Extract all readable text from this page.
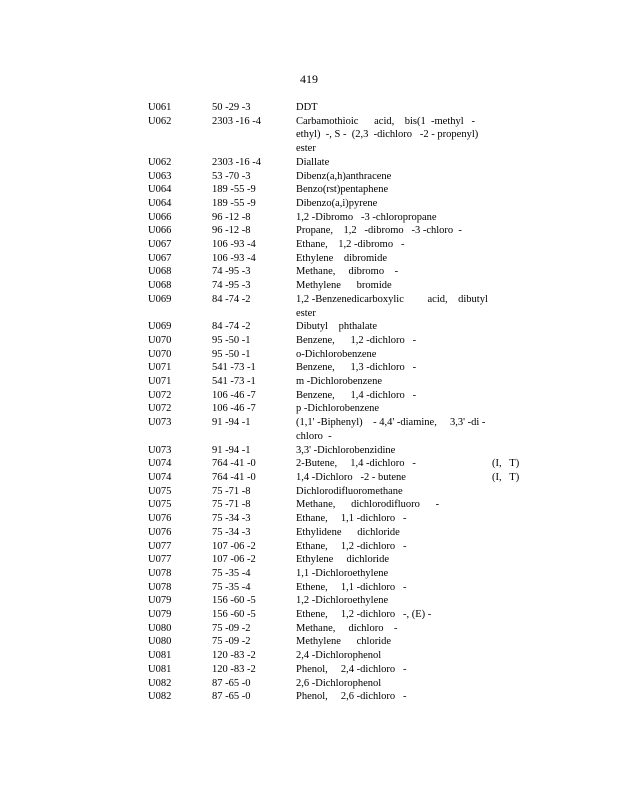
419
U061	50 -29 -3	DDT
U062	2303 -16 -4	Carbamothioic      acid,    bis(1  -methyl   -
ethyl)  -, S -  (2,3  -dichloro   -2 - propenyl)
ester
U062	2303 -16 -4	Diallate
U063	53 -70 -3	Dibenz(a,h)anthracene
U064	189 -55 -9	Benzo(rst)pentaphene
U064	189 -55 -9	Dibenzo(a,i)pyrene
U066	96 -12 -8	1,2 -Dibromo   -3 -chloropropane
U066	96 -12 -8	Propane,    1,2   -dibromo   -3 -chloro  -
U067	106 -93 -4	Ethane,    1,2 -dibromo   -
U067	106 -93 -4	Ethylene    dibromide
U068	74 -95 -3	Methane,     dibromo    -
U068	74 -95 -3	Methylene      bromide
U069	84 -74 -2	1,2 -Benzenedicarboxylic         acid,    dibutyl
ester
U069	84 -74 -2	Dibutyl    phthalate
U070	95 -50 -1	Benzene,      1,2 -dichloro   -
U070	95 -50 -1	o-Dichlorobenzene
U071	541 -73 -1	Benzene,      1,3 -dichloro   -
U071	541 -73 -1	m -Dichlorobenzene
U072	106 -46 -7	Benzene,      1,4 -dichloro   -
U072	106 -46 -7	p -Dichlorobenzene
U073	91 -94 -1	(1,1' -Biphenyl)    - 4,4' -diamine,     3,3' -di -
chloro  -
U073	91 -94 -1	3,3' -Dichlorobenzidine
U074	764 -41 -0	2-Butene,     1,4 -dichloro   -	(I,   T)
U074	764 -41 -0	1,4 -Dichloro   -2 - butene	(I,   T)
U075	75 -71 -8	Dichlorodifluoromethane
U075	75 -71 -8	Methane,      dichlorodifluoro      -
U076	75 -34 -3	Ethane,     1,1 -dichloro   -
U076	75 -34 -3	Ethylidene      dichloride
U077	107 -06 -2	Ethane,     1,2 -dichloro   -
U077	107 -06 -2	Ethylene     dichloride
U078	75 -35 -4	1,1 -Dichloroethylene
U078	75 -35 -4	Ethene,     1,1 -dichloro   -
U079	156 -60 -5	1,2 -Dichloroethylene
U079	156 -60 -5	Ethene,     1,2 -dichloro   -, (E) -
U080	75 -09 -2	Methane,     dichloro    -
U080	75 -09 -2	Methylene      chloride
U081	120 -83 -2	2,4 -Dichlorophenol
U081	120 -83 -2	Phenol,     2,4 -dichloro   -
U082	87 -65 -0	2,6 -Dichlorophenol
U082	87 -65 -0	Phenol,     2,6 -dichloro   -
